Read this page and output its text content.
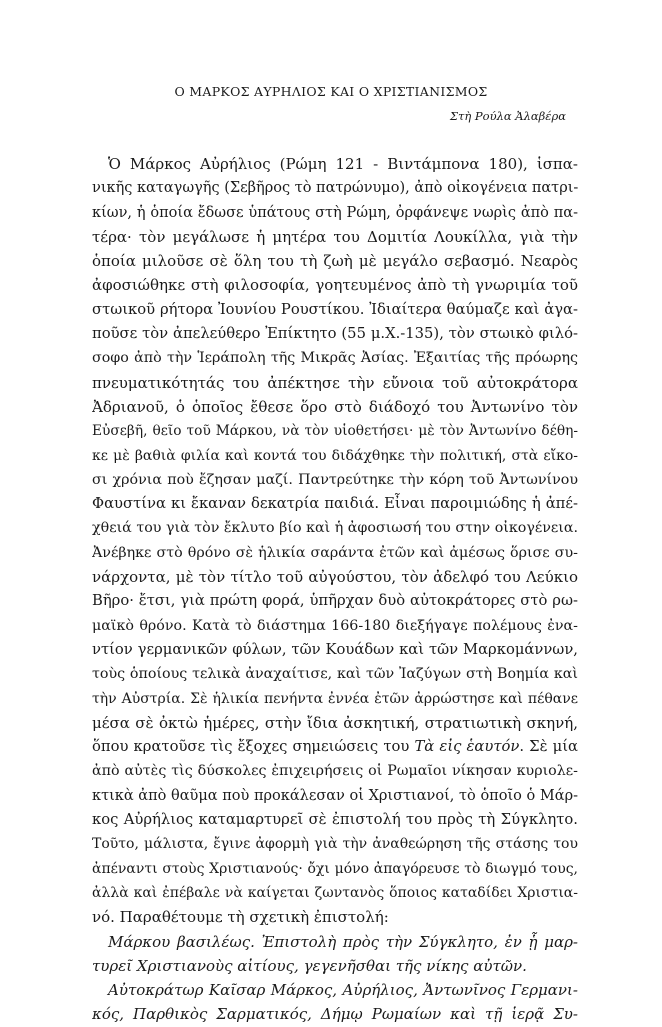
Ο ΜΑΡΚΟΣ ΑΥΡΗΛΙΟΣ ΚΑΙ Ο ΧΡΙΣΤΙΑΝΙΣΜΟΣ
Στὴ Ρούλα Ἀλαβέρα
Ὁ Μάρκος Αὐρήλιος (Ρώμη 121 - Βιντάμπονα 180), ἱσπα-
νικῆς καταγωγῆς (Σεβῆρος τὸ πατρώνυμο), ἀπὸ οἰκογένεια πατρι-
κίων, ἡ ὁποία ἔδωσε ὑπάτους στὴ Ρώμη, ὀρφάνεψε νωρὶς ἀπὸ πα-
τέρα· τὸν μεγάλωσε ἡ μητέρα του Δομιτία Λουκίλλα, γιὰ τὴν
ὁποία μιλοῦσε σὲ ὅλη του τὴ ζωὴ μὲ μεγάλο σεβασμό. Νεαρὸς
ἀφοσιώθηκε στὴ φιλοσοφία, γοητευμένος ἀπὸ τὴ γνωριμία τοῦ
στωικοῦ ρήτορα Ἰουνίου Ρουστίκου. Ἰδιαίτερα θαύμαζε καὶ ἀγα-
ποῦσε τὸν ἀπελεύθερο Ἐπίκτητο (55 μ.Χ.-135), τὸν στωικὸ φιλό-
σοφο ἀπὸ τὴν Ἱεράπολη τῆς Μικρᾶς Ἀσίας. Ἐξαιτίας τῆς πρόωρης
πνευματικότητάς του ἀπέκτησε τὴν εὔνοια τοῦ αὐτοκράτορα
Ἀδριανοῦ, ὁ ὁποῖος ἔθεσε ὅρο στὸ διάδοχό του Ἀντωνίνο τὸν
Εὐσεβῆ, θεῖο τοῦ Μάρκου, νὰ τὸν υἱοθετήσει· μὲ τὸν Ἀντωνίνο δέθη-
κε μὲ βαθιὰ φιλία καὶ κοντά του διδάχθηκε τὴν πολιτική, στὰ εἴκο-
σι χρόνια ποὺ ἔζησαν μαζί. Παντρεύτηκε τὴν κόρη τοῦ Ἀντωνίνου
Φαυστίνα κι ἔκαναν δεκατρία παιδιά. Εἶναι παροιμιώδης ἡ ἀπέ-
χθειά του γιὰ τὸν ἔκλυτο βίο καὶ ἡ ἀφοσιωσή του στην οἰκογένεια.
Ἀνέβηκε στὸ θρόνο σὲ ἡλικία σαράντα ἐτῶν καὶ ἀμέσως ὅρισε συ-
νάρχοντα, μὲ τὸν τίτλο τοῦ αὐγούστου, τὸν ἀδελφό του Λεύκιο
Βῆρο· ἔτσι, γιὰ πρώτη φορά, ὑπῆρχαν δυὸ αὐτοκράτορες στὸ ρω-
μαϊκὸ θρόνο. Κατὰ τὸ διάστημα 166-180 διεξήγαγε πολέμους ἐνα-
ντίον γερμανικῶν φύλων, τῶν Κουάδων καὶ τῶν Μαρκομάννων,
τοὺς ὁποίους τελικὰ ἀναχαίτισε, καὶ τῶν Ἰαζύγων στὴ Βοημία καὶ
τὴν Αὐστρία. Σὲ ἡλικία πενήντα ἐννέα ἐτῶν ἀρρώστησε καὶ πέθανε
μέσα σὲ ὀκτὼ ἡμέρες, στὴν ἴδια ἀσκητική, στρατιωτικὴ σκηνή,
ὅπου κρατοῦσε τὶς ἔξοχες σημειώσεις του Τὰ εἰς ἑαυτόν. Σὲ μία
ἀπὸ αὐτὲς τὶς δύσκολες ἐπιχειρήσεις οἱ Ρωμαῖοι νίκησαν κυριολε-
κτικὰ ἀπὸ θαῦμα ποὺ προκάλεσαν οἱ Χριστιανοί, τὸ ὁποῖο ὁ Μάρ-
κος Αὐρήλιος καταμαρτυρεῖ σὲ ἐπιστολή του πρὸς τὴ Σύγκλητο.
Τοῦτο, μάλιστα, ἔγινε ἀφορμὴ γιὰ τὴν ἀναθεώρηση τῆς στάσης του
ἀπέναντι στοὺς Χριστιανούς· ὄχι μόνο ἀπαγόρευσε τὸ διωγμό τους,
ἀλλὰ καὶ ἐπέβαλε νὰ καίγεται ζωντανὸς ὅποιος καταδίδει Χριστια-
νό. Παραθέτουμε τὴ σχετικὴ ἐπιστολή:
Μάρκου βασιλέως. Ἐπιστολὴ πρὸς τὴν Σύγκλητο, ἐν ᾗ μαρ-
τυρεῖ Χριστιανοὺς αἰτίους, γεγενῆσθαι τῆς νίκης αὐτῶν.
Αὐτοκράτωρ Καῖσαρ Μάρκος, Αὐρήλιος, Ἀντωνῖνος Γερμανι-
κός, Παρθικὸς Σαρματικός, Δήμῳ Ρωμαίων καὶ τῇ ἱερᾷ Συ-
